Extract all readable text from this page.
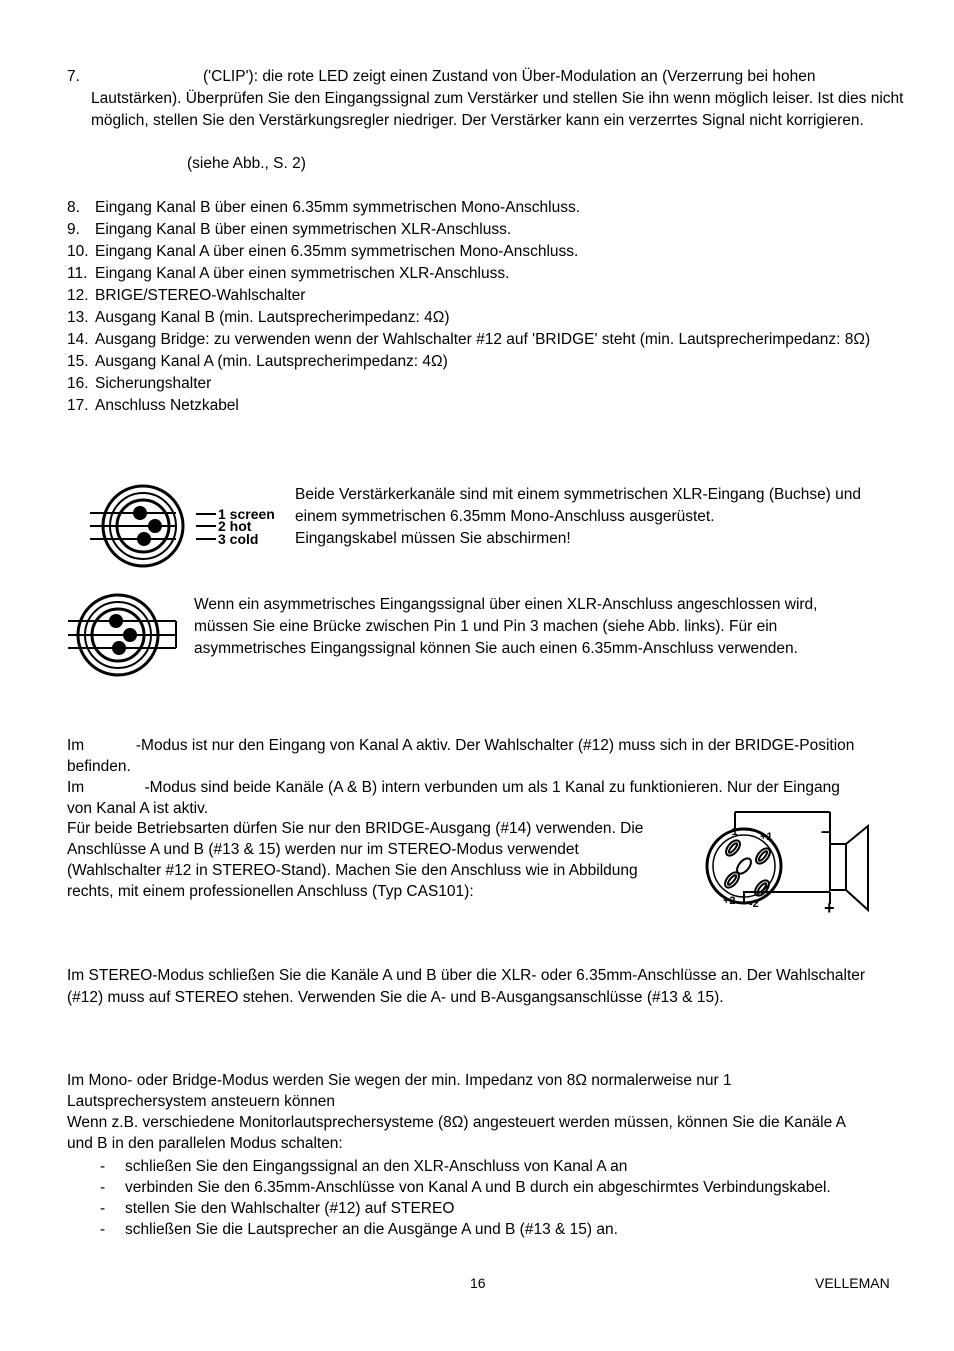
7.	('CLIP'): die rote LED zeigt einen Zustand von Über-Modulation an (Verzerrung bei hohen
Lautstärken). Überprüfen Sie den Eingangssignal zum Verstärker und stellen Sie ihn wenn möglich leiser. Ist dies nicht
möglich, stellen Sie den Verstärkungsregler niedriger. Der Verstärker kann ein verzerrtes Signal nicht korrigieren.
(siehe Abb., S. 2)
8. Eingang Kanal B über einen 6.35mm symmetrischen Mono-Anschluss.
9. Eingang Kanal B über einen symmetrischen XLR-Anschluss.
10. Eingang Kanal A über einen 6.35mm symmetrischen Mono-Anschluss.
11. Eingang Kanal A über einen symmetrischen XLR-Anschluss.
12. BRIGE/STEREO-Wahlschalter
13. Ausgang Kanal B (min. Lautsprecherimpedanz: 4Ω)
14. Ausgang Bridge: zu verwenden wenn der Wahlschalter #12 auf 'BRIDGE' steht (min. Lautsprecherimpedanz: 8Ω)
15. Ausgang Kanal A (min. Lautsprecherimpedanz: 4Ω)
16. Sicherungshalter
17. Anschluss Netzkabel
1 screen
2 hot
3 cold
Beide Verstärkerkanäle sind mit einem symmetrischen XLR-Eingang (Buchse) und
einem symmetrischen 6.35mm Mono-Anschluss ausgerüstet.
Eingangskabel müssen Sie abschirmen!
Wenn ein asymmetrisches Eingangssignal über einen XLR-Anschluss angeschlossen wird,
müssen Sie eine Brücke zwischen Pin 1 und Pin 3 machen (siehe Abb. links). Für ein
asymmetrisches Eingangssignal können Sie auch einen 6.35mm-Anschluss verwenden.
Im            -Modus ist nur den Eingang von Kanal A aktiv. Der Wahlschalter (#12) muss sich in der BRIDGE-Position
befinden.
Im              -Modus sind beide Kanäle (A & B) intern verbunden um als 1 Kanal zu funktionieren. Nur der Eingang
von Kanal A ist aktiv.
Für beide Betriebsarten dürfen Sie nur den BRIDGE-Ausgang (#14) verwenden. Die
Anschlüsse A und B (#13 & 15) werden nur im STEREO-Modus verwendet
(Wahlschalter #12 in STEREO-Stand). Machen Sie den Anschluss wie in Abbildung
rechts, mit einem professionellen Anschluss (Typ CAS101):
-1 +1
+2 -2
–
+
Im STEREO-Modus schließen Sie die Kanäle A und B über die XLR- oder 6.35mm-Anschlüsse an. Der Wahlschalter
(#12) muss auf STEREO stehen. Verwenden Sie die A- und B-Ausgangsanschlüsse (#13 & 15).
Im Mono- oder Bridge-Modus werden Sie wegen der min. Impedanz von 8Ω normalerweise nur 1
Lautsprechersystem ansteuern können
Wenn z.B. verschiedene Monitorlautsprechersysteme (8Ω) angesteuert werden müssen, können Sie die Kanäle A
und B in den parallelen Modus schalten:
-	schließen Sie den Eingangssignal an den XLR-Anschluss von Kanal A an
-	verbinden Sie den 6.35mm-Anschlüsse von Kanal A und B durch ein abgeschirmtes Verbindungskabel.
-	stellen Sie den Wahlschalter (#12) auf STEREO
-	schließen Sie die Lautsprecher an die Ausgänge A und B (#13 & 15) an.
16	VELLEMAN
